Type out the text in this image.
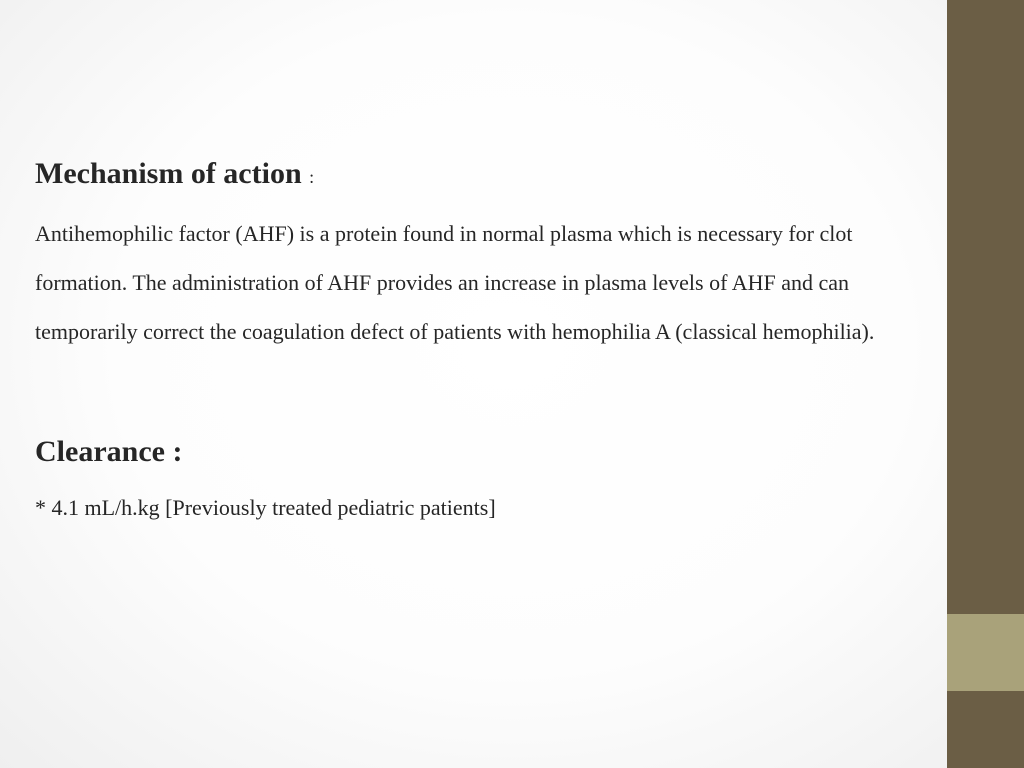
Mechanism of action :

Antihemophilic factor (AHF) is a protein found in normal plasma which is necessary for clot formation. The administration of AHF provides an increase in plasma levels of AHF and can temporarily correct the coagulation defect of patients with hemophilia A (classical hemophilia).

Clearance :

* 4.1 mL/h.kg [Previously treated pediatric patients]
